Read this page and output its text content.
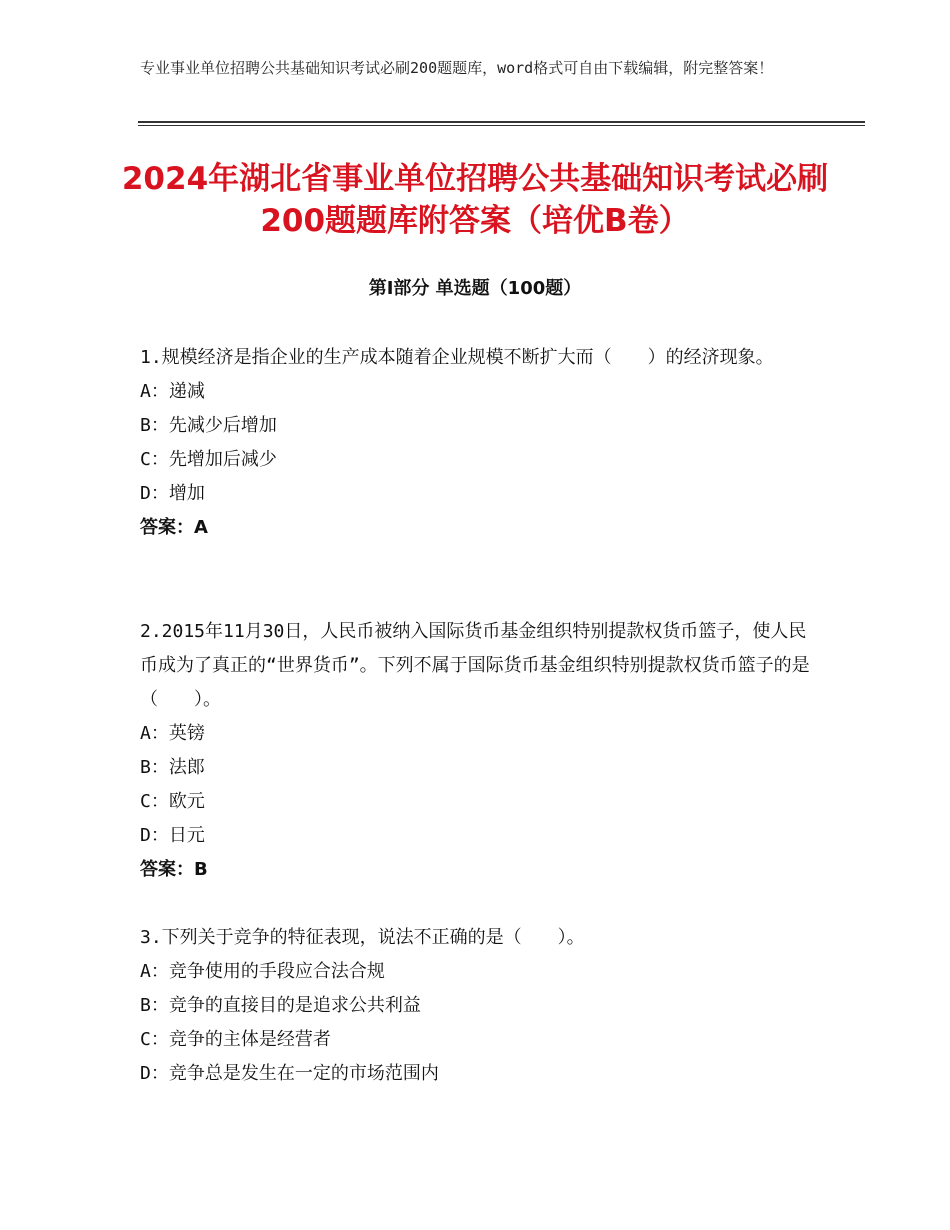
专业事业单位招聘公共基础知识考试必刷200题题库，word格式可自由下载编辑，附完整答案！
2024年湖北省事业单位招聘公共基础知识考试必刷200题题库附答案（培优B卷）
第Ⅰ部分 单选题（100题）
1.规模经济是指企业的生产成本随着企业规模不断扩大而（　　）的经济现象。
A：递减
B：先减少后增加
C：先增加后减少
D：增加
答案：A
2.2015年11月30日，人民币被纳入国际货币基金组织特别提款权货币篮子，使人民币成为了真正的“世界货币”。下列不属于国际货币基金组织特别提款权货币篮子的是（　　）。
A：英镑
B：法郎
C：欧元
D：日元
答案：B
3.下列关于竞争的特征表现，说法不正确的是（　　）。
A：竞争使用的手段应合法合规
B：竞争的直接目的是追求公共利益
C：竞争的主体是经营者
D：竞争总是发生在一定的市场范围内
